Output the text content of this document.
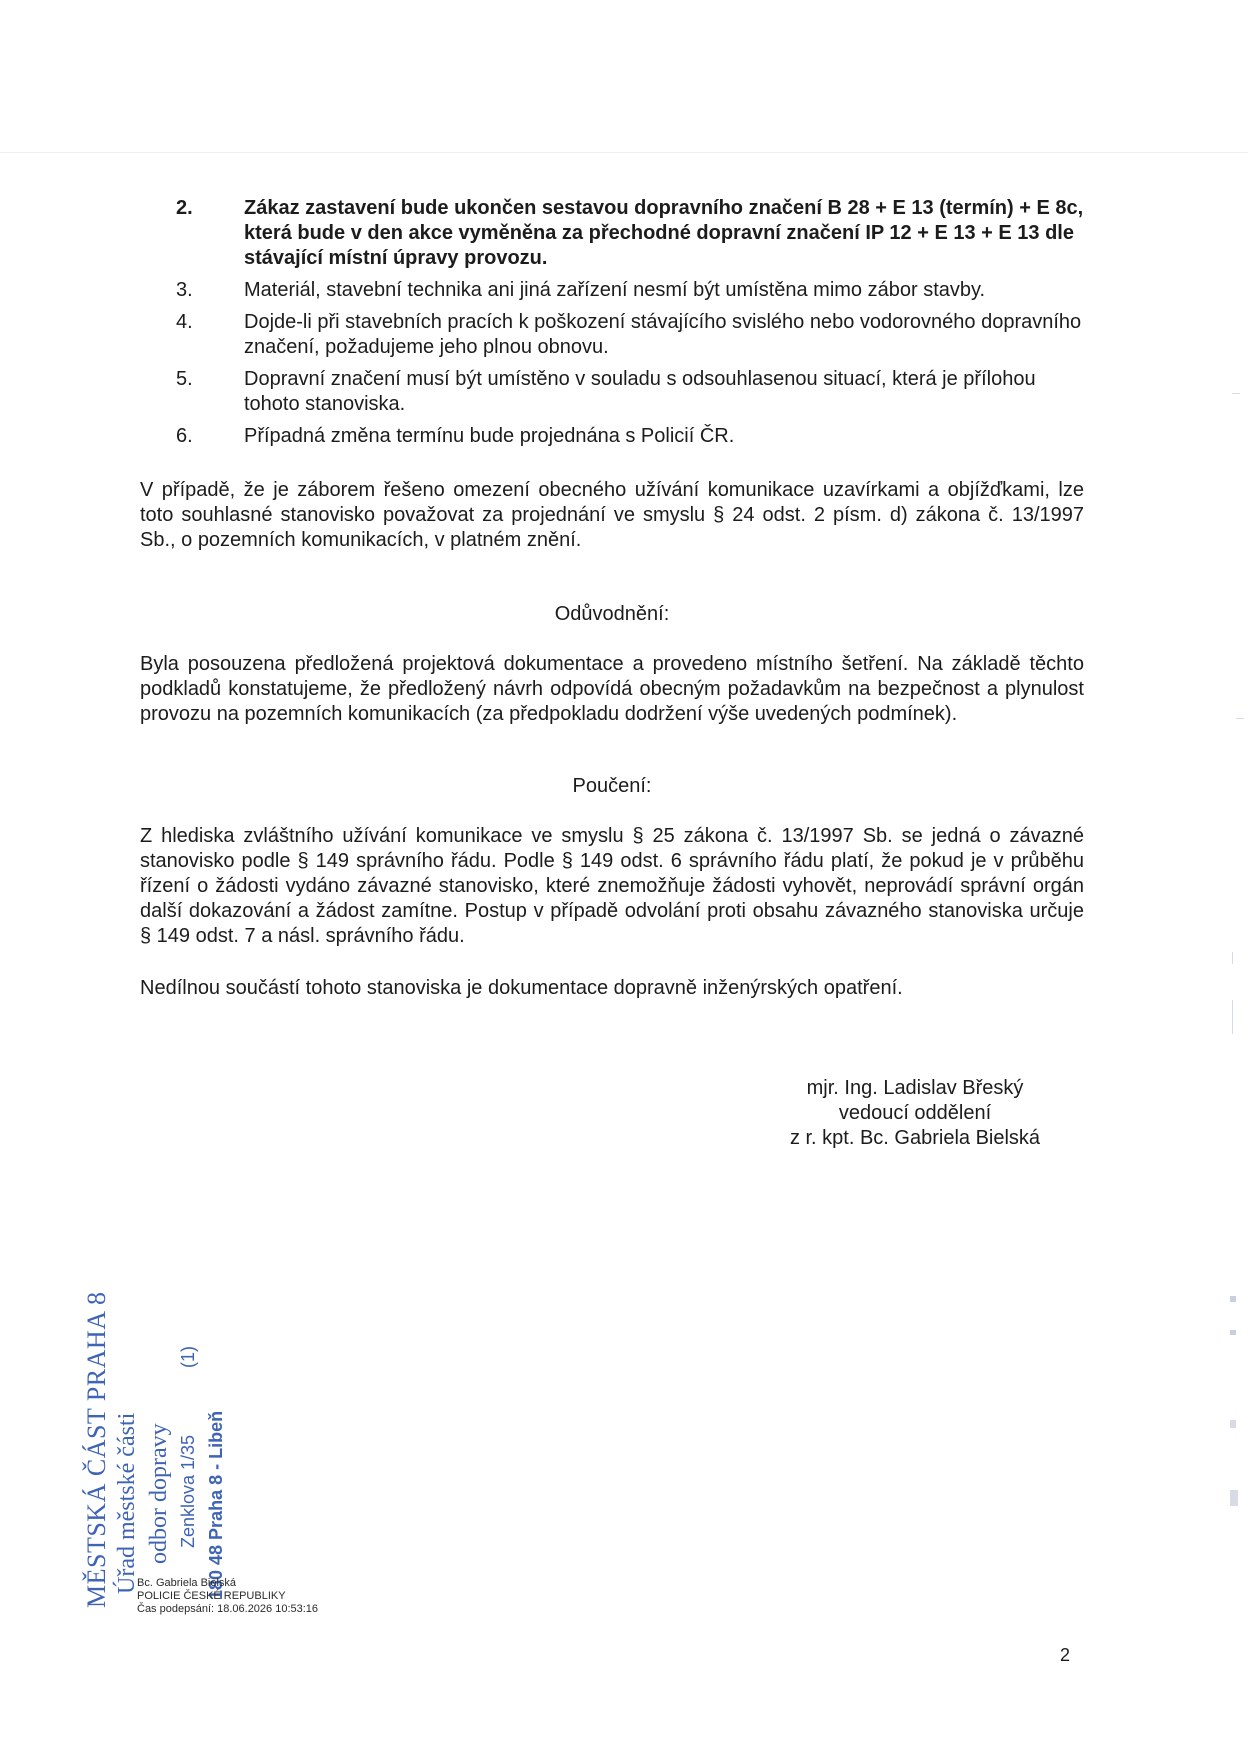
2.	Zákaz zastavení bude ukončen sestavou dopravního značení B 28 + E 13 (termín) + E 8c, která bude v den akce vyměněna za přechodné dopravní značení IP 12 + E 13 + E 13 dle stávající místní úpravy provozu.
3.	Materiál, stavební technika ani jiná zařízení nesmí být umístěna mimo zábor stavby.
4.	Dojde-li při stavebních pracích k poškození stávajícího svislého nebo vodorovného dopravního značení, požadujeme jeho plnou obnovu.
5.	Dopravní značení musí být umístěno v souladu s odsouhlasenou situací, která je přílohou tohoto stanoviska.
6.	Případná změna termínu bude projednána s Policií ČR.
V případě, že je záborem řešeno omezení obecného užívání komunikace uzavírkami a objížďkami, lze toto souhlasné stanovisko považovat za projednání ve smyslu § 24 odst. 2 písm. d) zákona č. 13/1997 Sb., o pozemních komunikacích, v platném znění.
Odůvodnění:
Byla posouzena předložená projektová dokumentace a provedeno místního šetření. Na základě těchto podkladů konstatujeme, že předložený návrh odpovídá obecným požadavkům na bezpečnost a plynulost provozu na pozemních komunikacích (za předpokladu dodržení výše uvedených podmínek).
Poučení:
Z hlediska zvláštního užívání komunikace ve smyslu § 25 zákona č. 13/1997 Sb. se jedná o závazné stanovisko podle § 149 správního řádu. Podle § 149 odst. 6 správního řádu platí, že pokud je v průběhu řízení o žádosti vydáno závazné stanovisko, které znemožňuje žádosti vyhovět, neprovádí správní orgán další dokazování a žádost zamítne. Postup v případě odvolání proti obsahu závazného stanoviska určuje § 149 odst. 7 a násl. správního řádu.
Nedílnou součástí tohoto stanoviska je dokumentace dopravně inženýrských opatření.
mjr. Ing. Ladislav Břeský
vedoucí oddělení
z r. kpt. Bc. Gabriela Bielská
MĚSTSKÁ ČÁST PRAHA 8 Úřad městské části odbor dopravy Zenklova 1/35
(1)
180 48 Praha 8 - Libeň
Bc. Gabriela Bielská
POLICIE ČESKÉ REPUBLIKY
Čas podepsání: 18.06.2026 10:53:16
2
